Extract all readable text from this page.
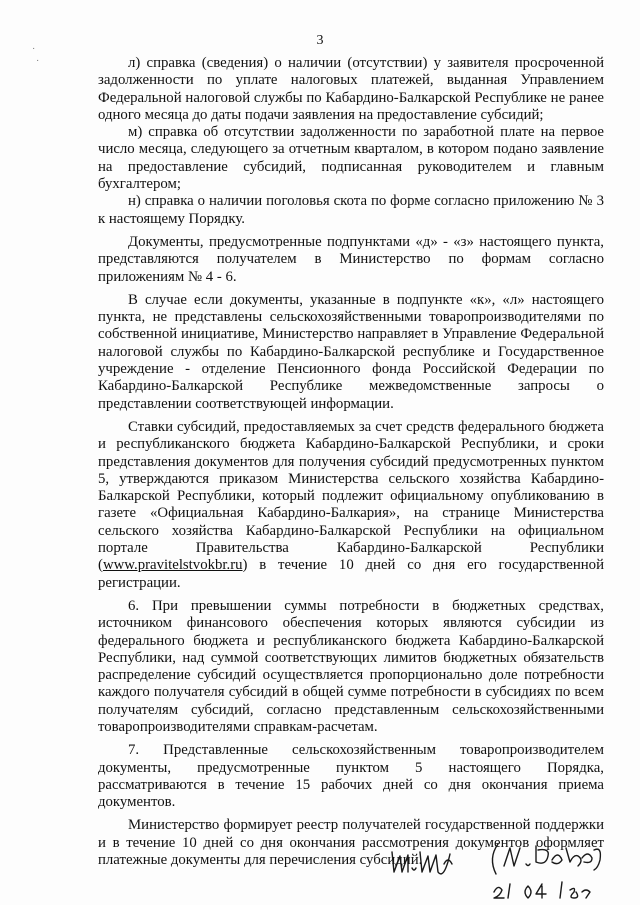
·
·
3

л) справка (сведения) о наличии (отсутствии) у заявителя просроченной задолженности по уплате налоговых платежей, выданная Управлением Федеральной налоговой службы по Кабардино-Балкарской Республике не ранее одного месяца до даты подачи заявления на предоставление субсидий;

м) справка об отсутствии задолженности по заработной плате на первое число месяца, следующего за отчетным кварталом, в котором подано заявление на предоставление субсидий, подписанная руководителем и главным бухгалтером;

н) справка о наличии поголовья скота по форме согласно приложению № 3 к настоящему Порядку.

Документы, предусмотренные подпунктами «д» - «з» настоящего пункта, представляются получателем в Министерство по формам согласно приложениям № 4 - 6.

В случае если документы, указанные в подпункте «к», «л» настоящего пункта, не представлены сельскохозяйственными товаропроизводителями по собственной инициативе, Министерство направляет в Управление Федеральной налоговой службы по Кабардино-Балкарской республике и Государственное учреждение - отделение Пенсионного фонда Российской Федерации по Кабардино-Балкарской Республике межведомственные запросы о представлении соответствующей информации.

Ставки субсидий, предоставляемых за счет средств федерального бюджета и республиканского бюджета Кабардино-Балкарской Республики, и сроки представления документов для получения субсидий предусмотренных пунктом 5, утверждаются приказом Министерства сельского хозяйства Кабардино-Балкарской Республики, который подлежит официальному опубликованию в газете «Официальная Кабардино-Балкария», на странице Министерства сельского хозяйства Кабардино-Балкарской Республики на официальном портале Правительства Кабардино-Балкарской Республики (www.pravitelstvokbr.ru) в течение 10 дней со дня его государственной регистрации.

6. При превышении суммы потребности в бюджетных средствах, источником финансового обеспечения которых являются субсидии из федерального бюджета и республиканского бюджета Кабардино-Балкарской Республики, над суммой соответствующих лимитов бюджетных обязательств распределение субсидий осуществляется пропорционально доле потребности каждого получателя субсидий в общей сумме потребности в субсидиях по всем получателям субсидий, согласно представленным сельскохозяйственными товаропроизводителями справкам-расчетам.

7. Представленные сельскохозяйственным товаропроизводителем документы, предусмотренные пунктом 5 настоящего Порядка, рассматриваются в течение 15 рабочих дней со дня окончания приема документов.

Министерство формирует реестр получателей государственной поддержки и в течение 10 дней со дня окончания рассмотрения документов оформляет платежные документы для перечисления субсидий.
